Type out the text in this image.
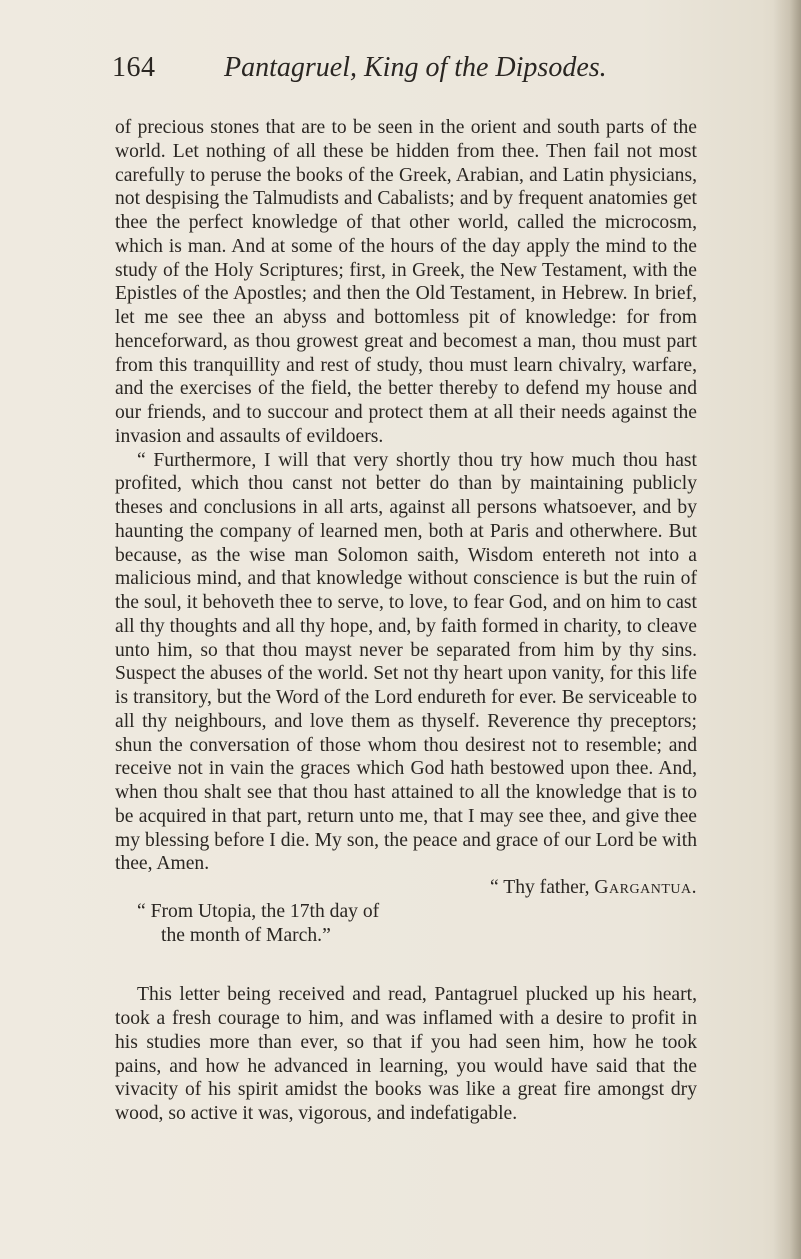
164 Pantagruel, King of the Dipsodes.

of precious stones that are to be seen in the orient and south parts of the world. Let nothing of all these be hidden from thee. Then fail not most carefully to peruse the books of the Greek, Arabian, and Latin physicians, not despising the Talmudists and Cabalists; and by frequent anatomies get thee the perfect knowledge of that other world, called the microcosm, which is man. And at some of the hours of the day apply the mind to the study of the Holy Scriptures; first, in Greek, the New Testament, with the Epistles of the Apostles; and then the Old Testament, in Hebrew. In brief, let me see thee an abyss and bottomless pit of knowledge: for from henceforward, as thou growest great and becomest a man, thou must part from this tranquillity and rest of study, thou must learn chivalry, warfare, and the exercises of the field, the better thereby to defend my house and our friends, and to succour and protect them at all their needs against the invasion and assaults of evildoers.

“ Furthermore, I will that very shortly thou try how much thou hast profited, which thou canst not better do than by maintaining publicly theses and conclusions in all arts, against all persons whatsoever, and by haunting the company of learned men, both at Paris and otherwhere. But because, as the wise man Solomon saith, Wisdom entereth not into a malicious mind, and that knowledge without conscience is but the ruin of the soul, it behoveth thee to serve, to love, to fear God, and on him to cast all thy thoughts and all thy hope, and, by faith formed in charity, to cleave unto him, so that thou mayst never be separated from him by thy sins. Suspect the abuses of the world. Set not thy heart upon vanity, for this life is transitory, but the Word of the Lord endureth for ever. Be serviceable to all thy neighbours, and love them as thyself. Reverence thy preceptors; shun the conversation of those whom thou desirest not to resemble; and receive not in vain the graces which God hath bestowed upon thee. And, when thou shalt see that thou hast attained to all the knowledge that is to be acquired in that part, return unto me, that I may see thee, and give thee my blessing before I die. My son, the peace and grace of our Lord be with thee, Amen.

“ Thy father, Gargantua.

“ From Utopia, the 17th day of

the month of March.”

This letter being received and read, Pantagruel plucked up his heart, took a fresh courage to him, and was inflamed with a desire to profit in his studies more than ever, so that if you had seen him, how he took pains, and how he advanced in learning, you would have said that the vivacity of his spirit amidst the books was like a great fire amongst dry wood, so active it was, vigorous, and indefatigable.
